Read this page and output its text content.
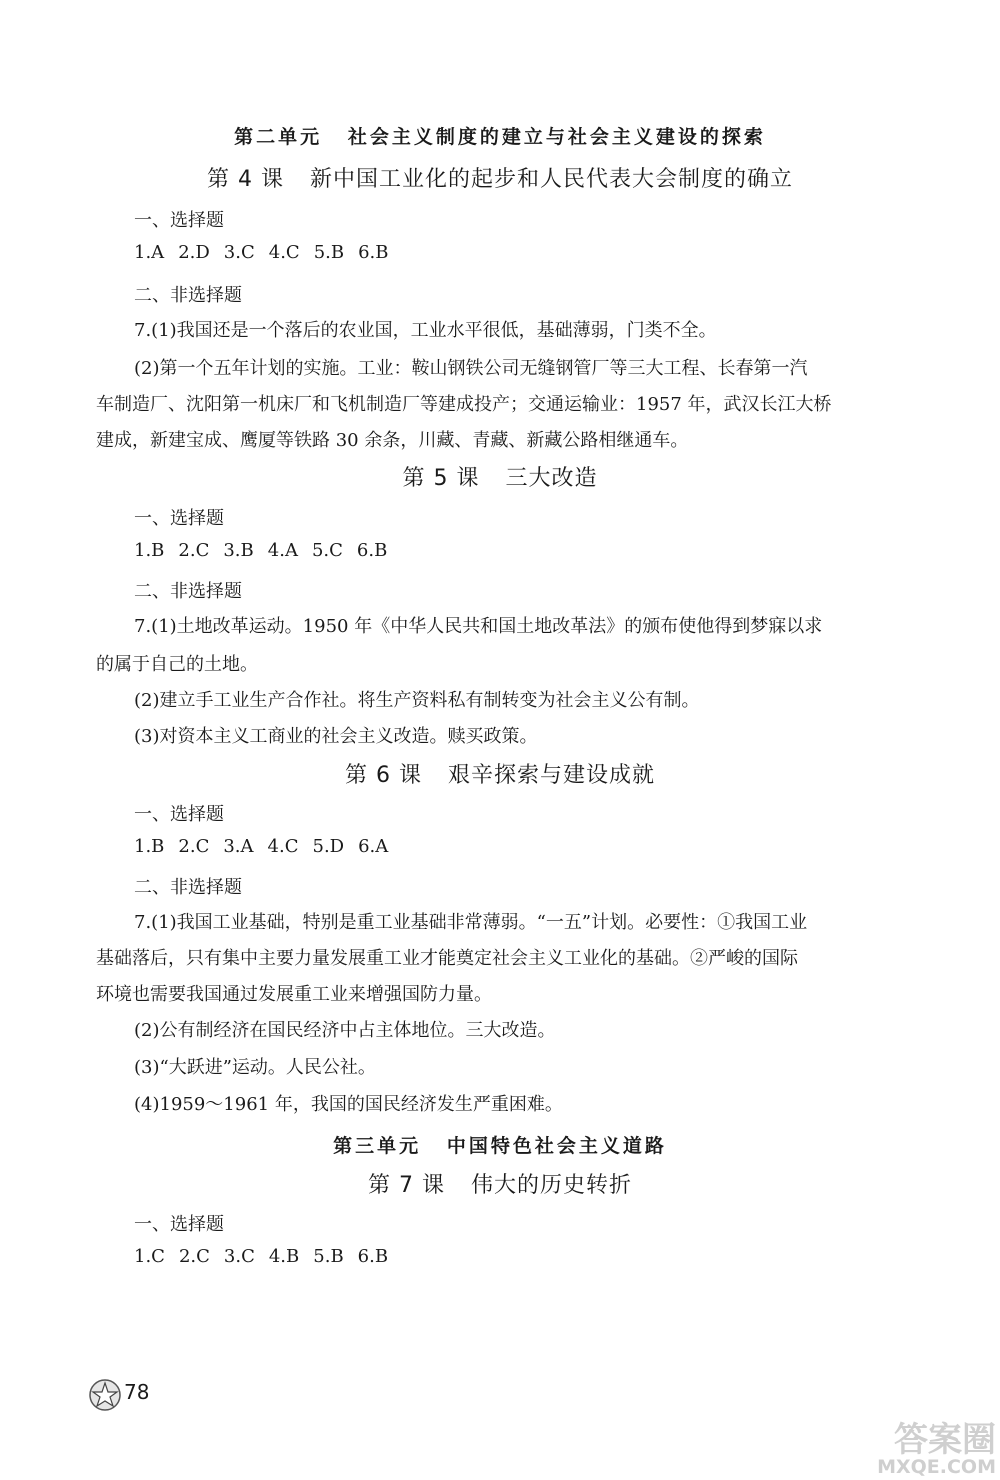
第二单元 社会主义制度的建立与社会主义建设的探索
第 4 课 新中国工业化的起步和人民代表大会制度的确立
一、选择题
1.A 2.D 3.C 4.C 5.B 6.B
二、非选择题
7.(1)我国还是一个落后的农业国，工业水平很低，基础薄弱，门类不全。
(2)第一个五年计划的实施。工业：鞍山钢铁公司无缝钢管厂等三大工程、长春第一汽
车制造厂、沈阳第一机床厂和飞机制造厂等建成投产；交通运输业：1957 年，武汉长江大桥
建成，新建宝成、鹰厦等铁路 30 余条，川藏、青藏、新藏公路相继通车。
第 5 课 三大改造
一、选择题
1.B 2.C 3.B 4.A 5.C 6.B
二、非选择题
7.(1)土地改革运动。1950 年《中华人民共和国土地改革法》的颁布使他得到梦寐以求
的属于自己的土地。
(2)建立手工业生产合作社。将生产资料私有制转变为社会主义公有制。
(3)对资本主义工商业的社会主义改造。赎买政策。
第 6 课 艰辛探索与建设成就
一、选择题
1.B 2.C 3.A 4.C 5.D 6.A
二、非选择题
7.(1)我国工业基础，特别是重工业基础非常薄弱。“一五”计划。必要性：①我国工业
基础落后，只有集中主要力量发展重工业才能奠定社会主义工业化的基础。②严峻的国际
环境也需要我国通过发展重工业来增强国防力量。
(2)公有制经济在国民经济中占主体地位。三大改造。
(3)“大跃进”运动。人民公社。
(4)1959～1961 年，我国的国民经济发生严重困难。
第三单元 中国特色社会主义道路
第 7 课 伟大的历史转折
一、选择题
1.C 2.C 3.C 4.B 5.B 6.B
78
答案圈
MXQE.COM
